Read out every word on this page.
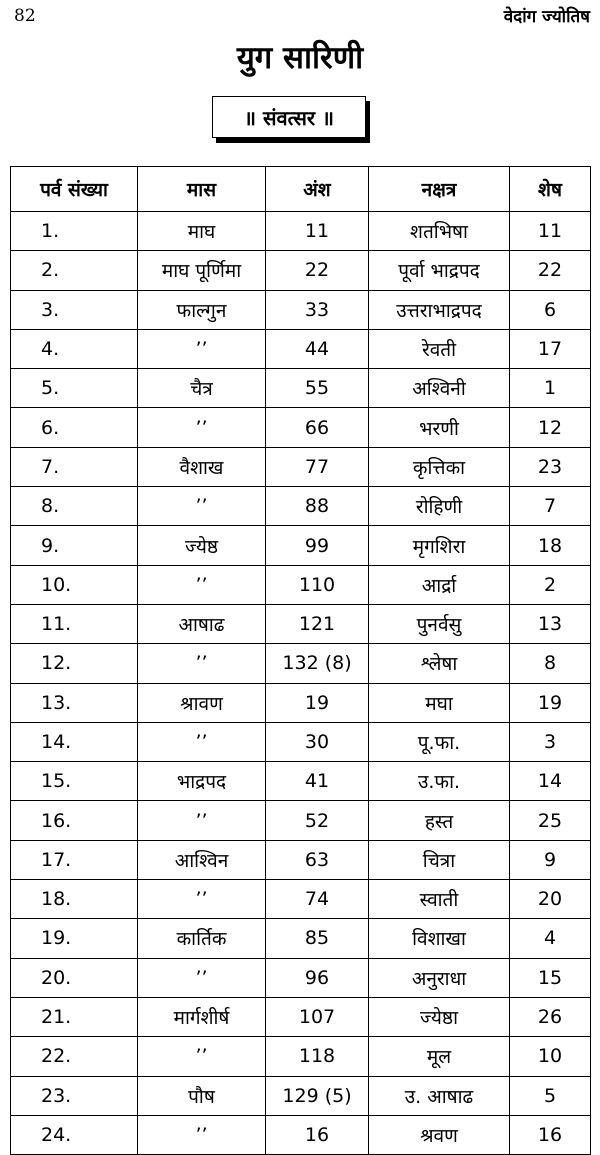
82	वेदांग ज्योतिष
युग सारिणी
॥ संवत्सर ॥
पर्व संख्या	मास	अंश	नक्षत्र	शेष
1.	माघ	11	शतभिषा	11
2.	माघ पूर्णिमा	22	पूर्वा भाद्रपद	22
3.	फाल्गुन	33	उत्तराभाद्रपद	6
4.	’’	44	रेवती	17
5.	चैत्र	55	अश्विनी	1
6.	’’	66	भरणी	12
7.	वैशाख	77	कृत्तिका	23
8.	’’	88	रोहिणी	7
9.	ज्येष्ठ	99	मृगशिरा	18
10.	’’	110	आर्द्रा	2
11.	आषाढ	121	पुनर्वसु	13
12.	’’	132 (8)	श्लेषा	8
13.	श्रावण	19	मघा	19
14.	’’	30	पू.फा.	3
15.	भाद्रपद	41	उ.फा.	14
16.	’’	52	हस्त	25
17.	आश्विन	63	चित्रा	9
18.	’’	74	स्वाती	20
19.	कार्तिक	85	विशाखा	4
20.	’’	96	अनुराधा	15
21.	मार्गशीर्ष	107	ज्येष्ठा	26
22.	’’	118	मूल	10
23.	पौष	129 (5)	उ. आषाढ	5
24.	’’	16	श्रवण	16
